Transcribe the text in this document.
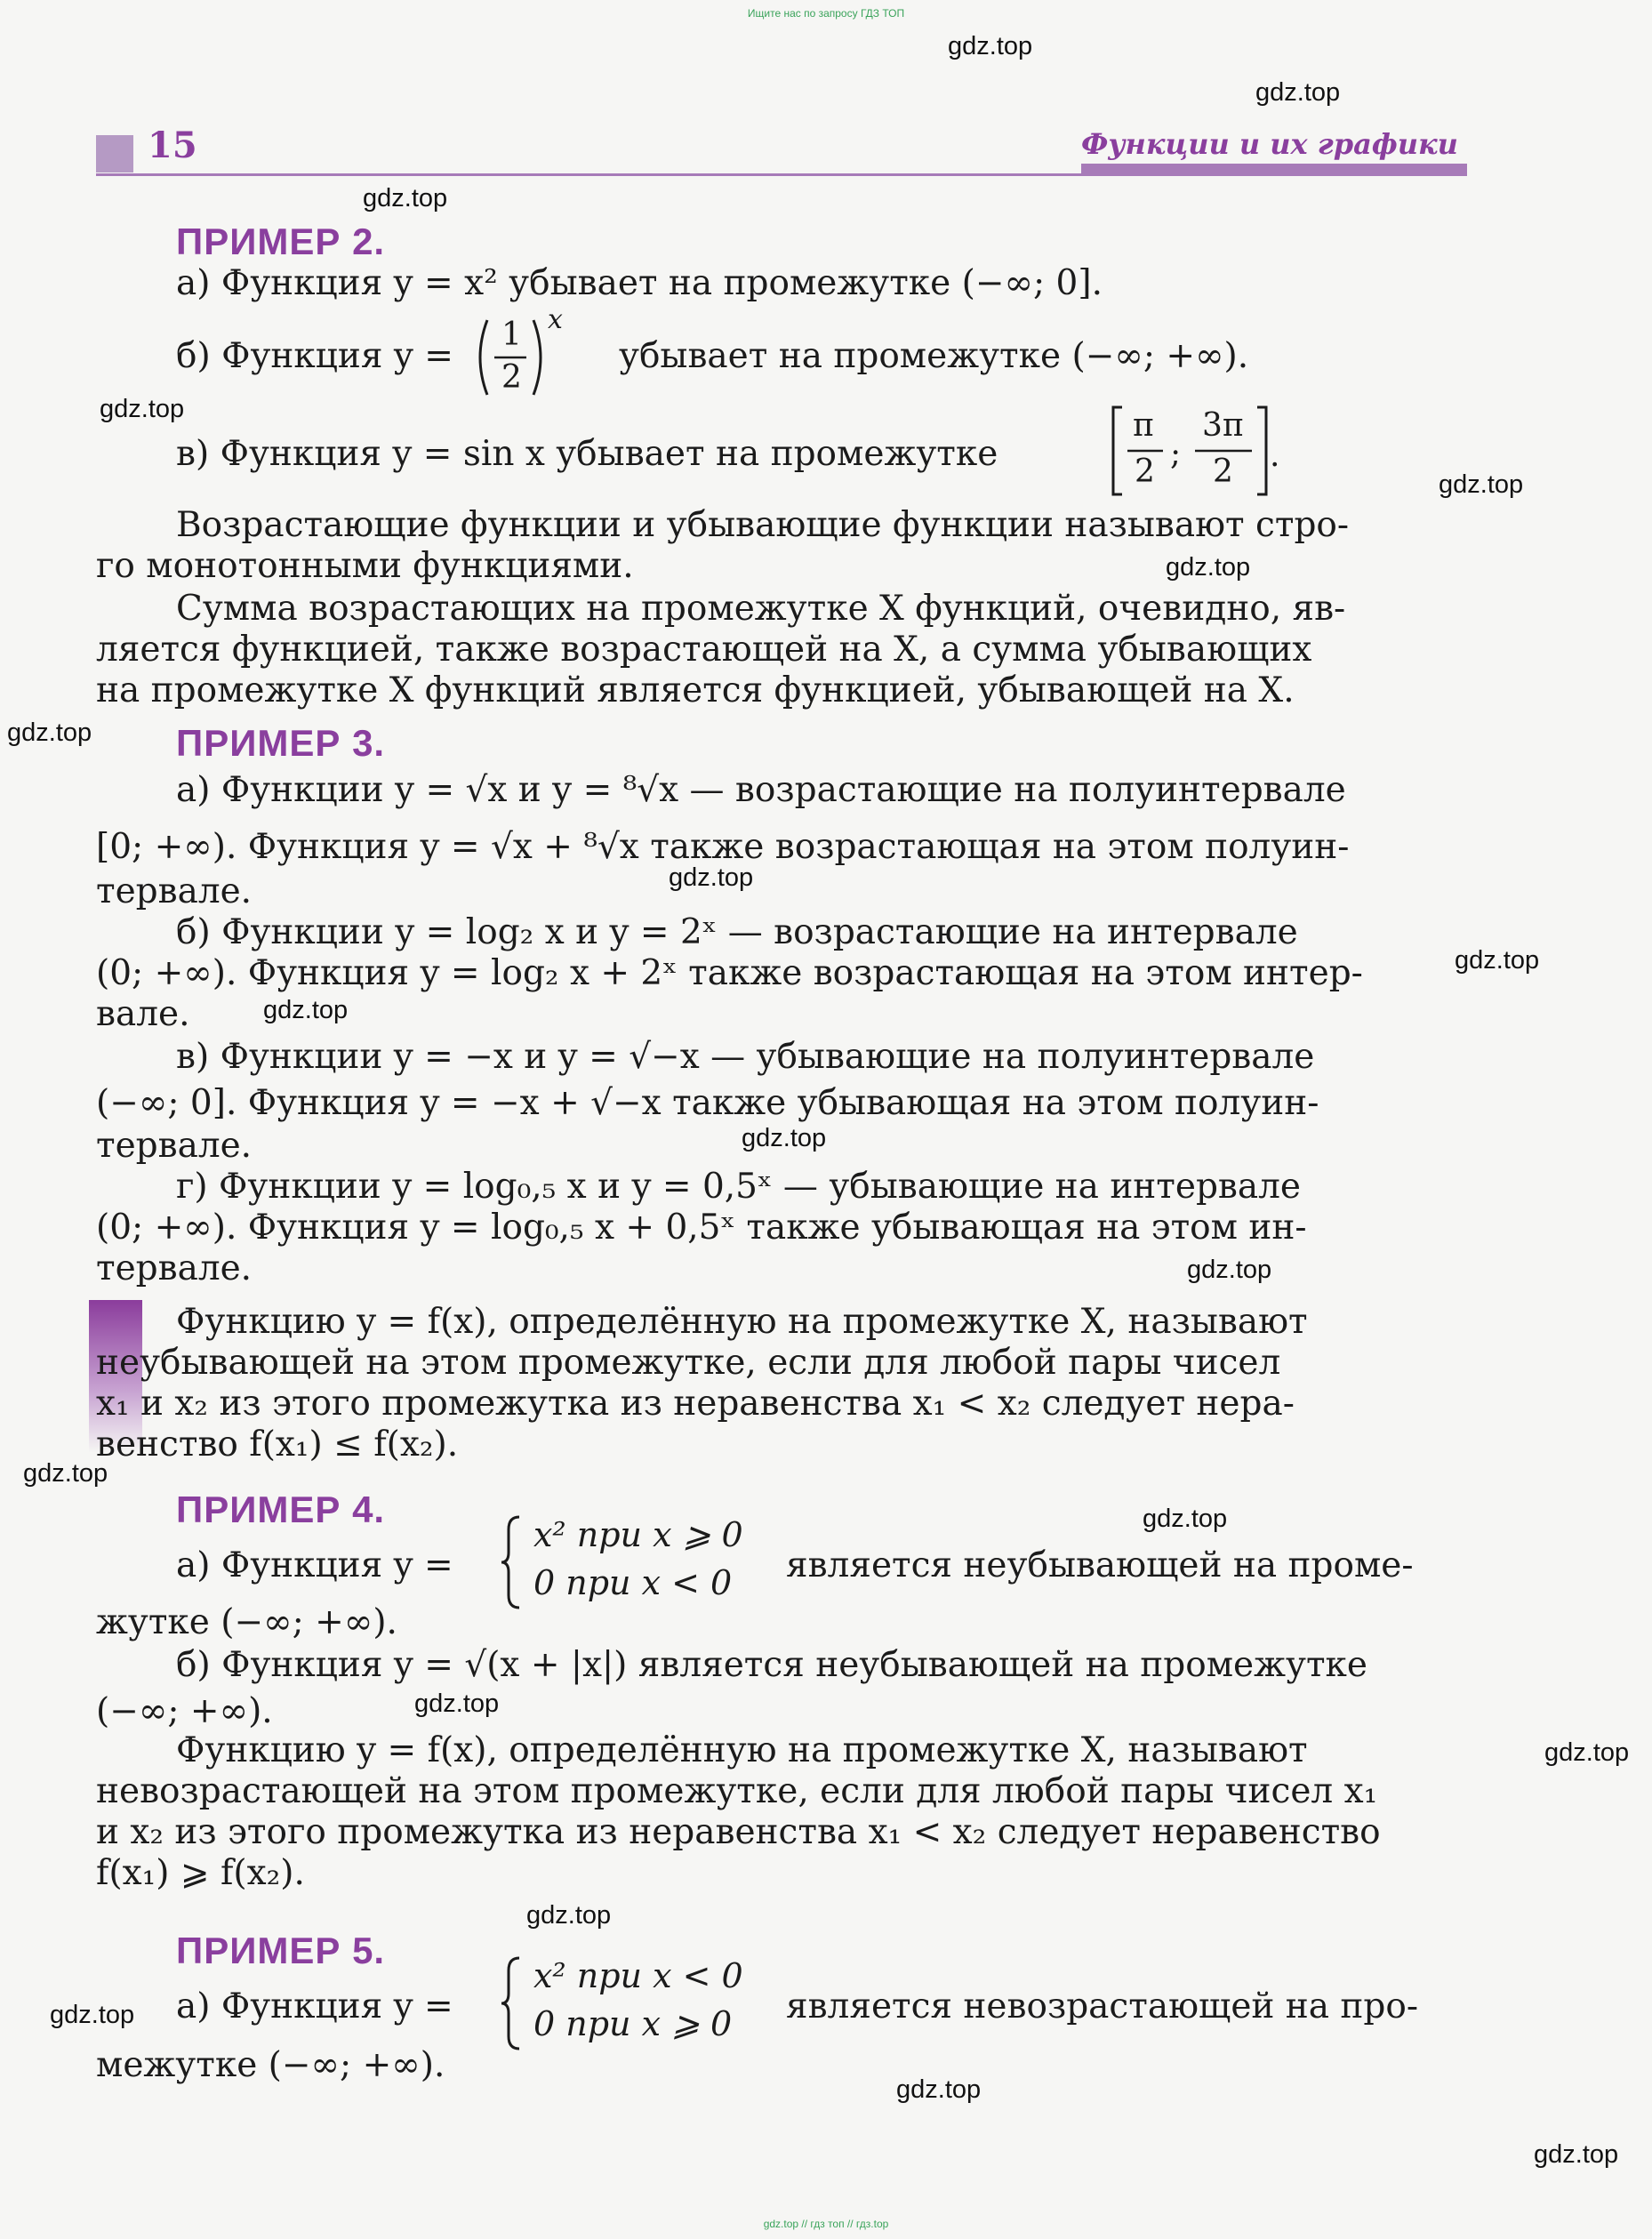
Ищите нас по запросу ГДЗ ТОП
15	Функции и их графики
gdz.top
gdz.top
gdz.top
gdz.top
gdz.top
gdz.top
gdz.top
gdz.top
gdz.top
gdz.top
gdz.top
gdz.top
gdz.top
gdz.top
gdz.top
gdz.top
gdz.top
gdz.top
gdz.top
gdz.top
ПРИМЕР 2.
а) Функция y = x² убывает на промежутке (−∞; 0].
б) Функция y =
1
2
x
убывает на промежутке (−∞; +∞).
в) Функция y = sin x убывает на промежутке
π
2 ;
3π
2 .
Возрастающие функции и убывающие функции называют стро-
го монотонными функциями.
Сумма возрастающих на промежутке X функций, очевидно, яв-
ляется функцией, также возрастающей на X, а сумма убывающих
на промежутке X функций является функцией, убывающей на X.
ПРИМЕР 3.
а) Функции y = √x и y = ⁸√x — возрастающие на полуинтервале
[0; +∞). Функция y = √x + ⁸√x также возрастающая на этом полуин-
тервале.
б) Функции y = log₂ x и y = 2ˣ — возрастающие на интервале
(0; +∞). Функция y = log₂ x + 2ˣ также возрастающая на этом интер-
вале.
в) Функции y = −x и y = √−x — убывающие на полуинтервале
(−∞; 0]. Функция y = −x + √−x также убывающая на этом полуин-
тервале.
г) Функции y = log₀,₅ x и y = 0,5ˣ — убывающие на интервале
(0; +∞). Функция y = log₀,₅ x + 0,5ˣ также убывающая на этом ин-
тервале.
Функцию y = f(x), определённую на промежутке X, называют
неубывающей на этом промежутке, если для любой пары чисел
x₁ и x₂ из этого промежутка из неравенства x₁ < x₂ следует нера-
венство f(x₁) ≤ f(x₂).
ПРИМЕР 4.
а) Функция y =
x² при x ⩾ 0
0 при x < 0 является неубывающей на проме-
жутке (−∞; +∞).
б) Функция y = √(x + |x|) является неубывающей на промежутке
(−∞; +∞).
Функцию y = f(x), определённую на промежутке X, называют
невозрастающей на этом промежутке, если для любой пары чисел x₁
и x₂ из этого промежутка из неравенства x₁ < x₂ следует неравенство
f(x₁) ⩾ f(x₂).
ПРИМЕР 5.
а) Функция y =
x² при x < 0
0 при x ⩾ 0 является невозрастающей на про-
межутке (−∞; +∞).
gdz.top // гдз топ // гдз.top
